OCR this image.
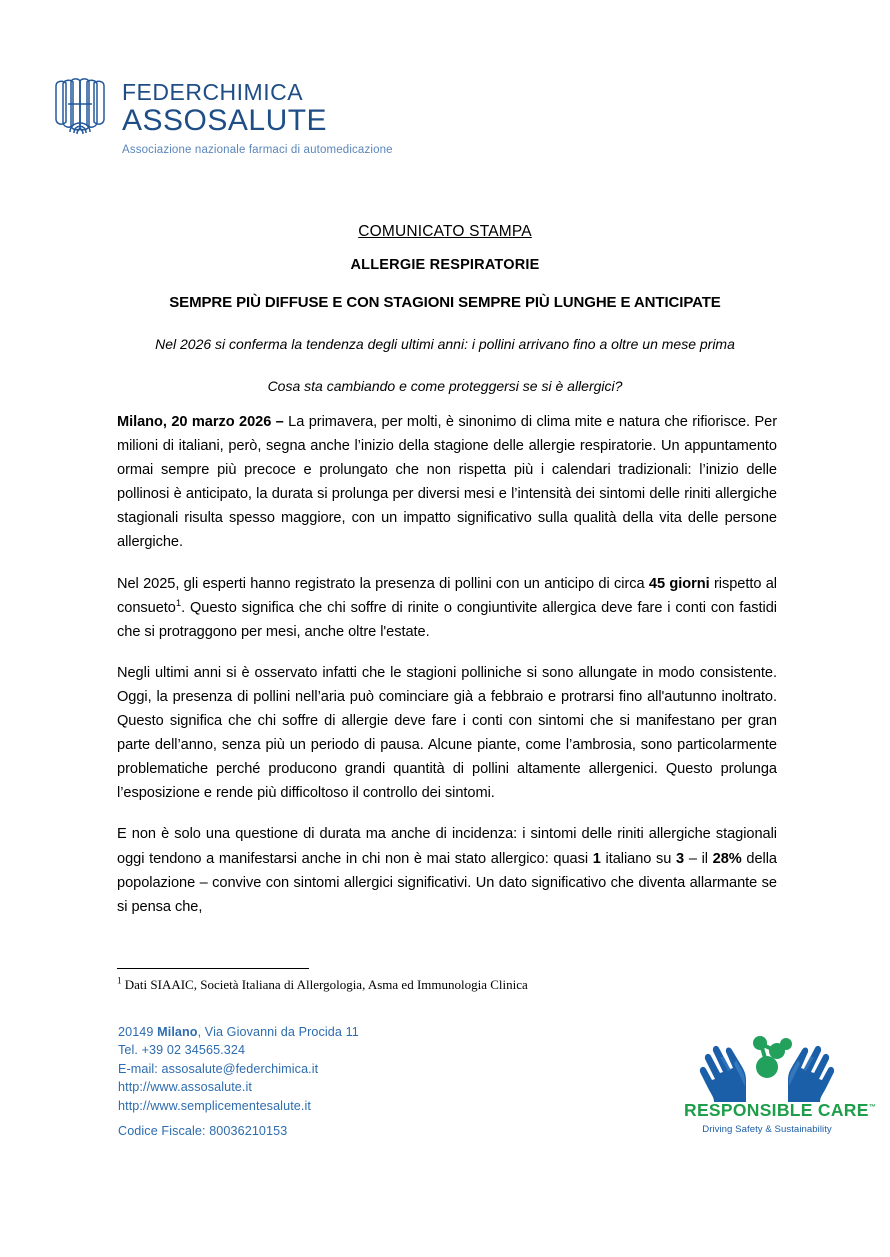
FEDERCHIMICA
ASSOSALUTE
Associazione nazionale farmaci di automedicazione
COMUNICATO STAMPA
ALLERGIE RESPIRATORIE
SEMPRE PIÙ DIFFUSE E CON STAGIONI SEMPRE PIÙ LUNGHE E ANTICIPATE
Nel 2026 si conferma la tendenza degli ultimi anni: i pollini arrivano fino a oltre un mese prima
Cosa sta cambiando e come proteggersi se si è allergici?

Milano, 20 marzo 2026 – La primavera, per molti, è sinonimo di clima mite e natura che rifiorisce. Per milioni di italiani, però, segna anche l’inizio della stagione delle allergie respiratorie. Un appuntamento ormai sempre più precoce e prolungato che non rispetta più i calendari tradizionali: l’inizio delle pollinosi è anticipato, la durata si prolunga per diversi mesi e l’intensità dei sintomi delle riniti allergiche stagionali risulta spesso maggiore, con un impatto significativo sulla qualità della vita delle persone allergiche.

Nel 2025, gli esperti hanno registrato la presenza di pollini con un anticipo di circa 45 giorni rispetto al consueto$^1$. Questo significa che chi soffre di rinite o congiuntivite allergica deve fare i conti con fastidi che si protraggono per mesi, anche oltre l'estate.

Negli ultimi anni si è osservato infatti che le stagioni polliniche si sono allungate in modo consistente. Oggi, la presenza di pollini nell’aria può cominciare già a febbraio e protrarsi fino all'autunno inoltrato. Questo significa che chi soffre di allergie deve fare i conti con sintomi che si manifestano per gran parte dell’anno, senza più un periodo di pausa. Alcune piante, come l’ambrosia, sono particolarmente problematiche perché producono grandi quantità di pollini altamente allergenici. Questo prolunga l’esposizione e rende più difficoltoso il controllo dei sintomi.

E non è solo una questione di durata ma anche di incidenza: i sintomi delle riniti allergiche stagionali oggi tendono a manifestarsi anche in chi non è mai stato allergico: quasi 1 italiano su 3 – il 28% della popolazione – convive con sintomi allergici significativi. Un dato significativo che diventa allarmante se si pensa che,

$^1$ Dati SIAAIC, Società Italiana di Allergologia, Asma ed Immunologia Clinica
20149 Milano, Via Giovanni da Procida 11
Tel. +39 02 34565.324
E-mail: assosalute@federchimica.it
http://www.assosalute.it
http://www.semplicementesalute.it
Codice Fiscale: 80036210153
RESPONSIBLE CARE™
Driving Safety & Sustainability
